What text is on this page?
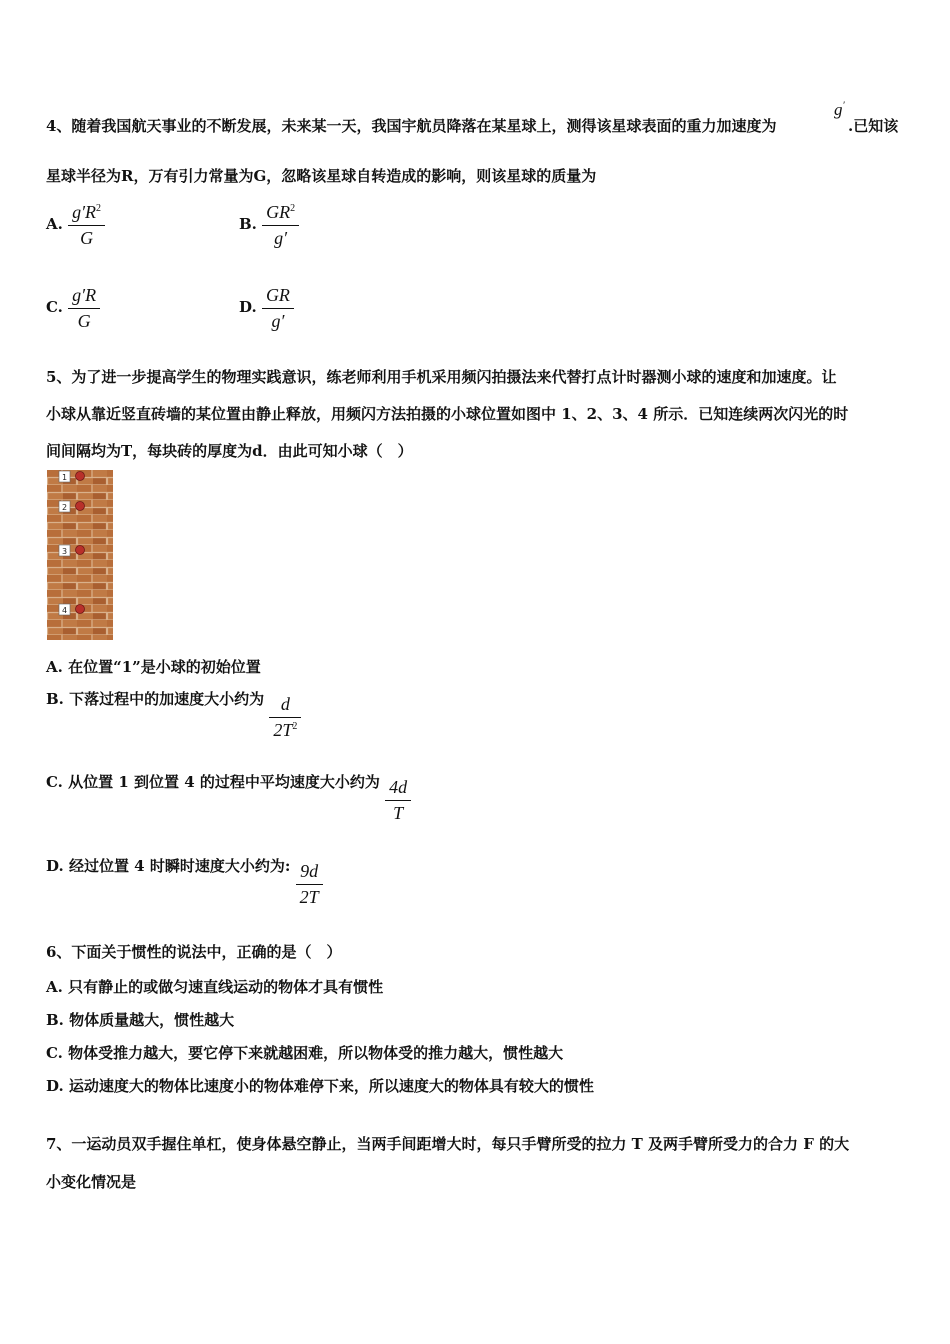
4、随着我国航天事业的不断发展，未来某一天，我国宇航员降落在某星球上，测得该星球表面的重力加速度为
g′
.已知该
星球半径为R，万有引力常量为G，忽略该星球自转造成的影响，则该星球的质量为
A. $\frac{g'R^2}{G}$	B. $\frac{GR^2}{g'}$
C. $\frac{g'R}{G}$	D. $\frac{GR}{g'}$
5、为了进一步提高学生的物理实践意识，练老师利用手机采用频闪拍摄法来代替打点计时器测小球的速度和加速度。让
小球从靠近竖直砖墙的某位置由静止释放，用频闪方法拍摄的小球位置如图中 1、2、3、4 所示．已知连续两次闪光的时
间间隔均为T，每块砖的厚度为d．由此可知小球（　）
1
2
3
4
A. 在位置“1”是小球的初始位置
B. 下落过程中的加速度大小约为 $\frac{d}{2T^2}$
C. 从位置 1 到位置 4 的过程中平均速度大小约为 $\frac{4d}{T}$
D. 经过位置 4 时瞬时速度大小约为: $\frac{9d}{2T}$
6、下面关于惯性的说法中，正确的是（　）
A. 只有静止的或做匀速直线运动的物体才具有惯性
B. 物体质量越大，惯性越大
C. 物体受推力越大，要它停下来就越困难，所以物体受的推力越大，惯性越大
D. 运动速度大的物体比速度小的物体难停下来，所以速度大的物体具有较大的惯性
7、一运动员双手握住单杠，使身体悬空静止，当两手间距增大时，每只手臂所受的拉力 T 及两手臂所受力的合力 F 的大
小变化情况是
